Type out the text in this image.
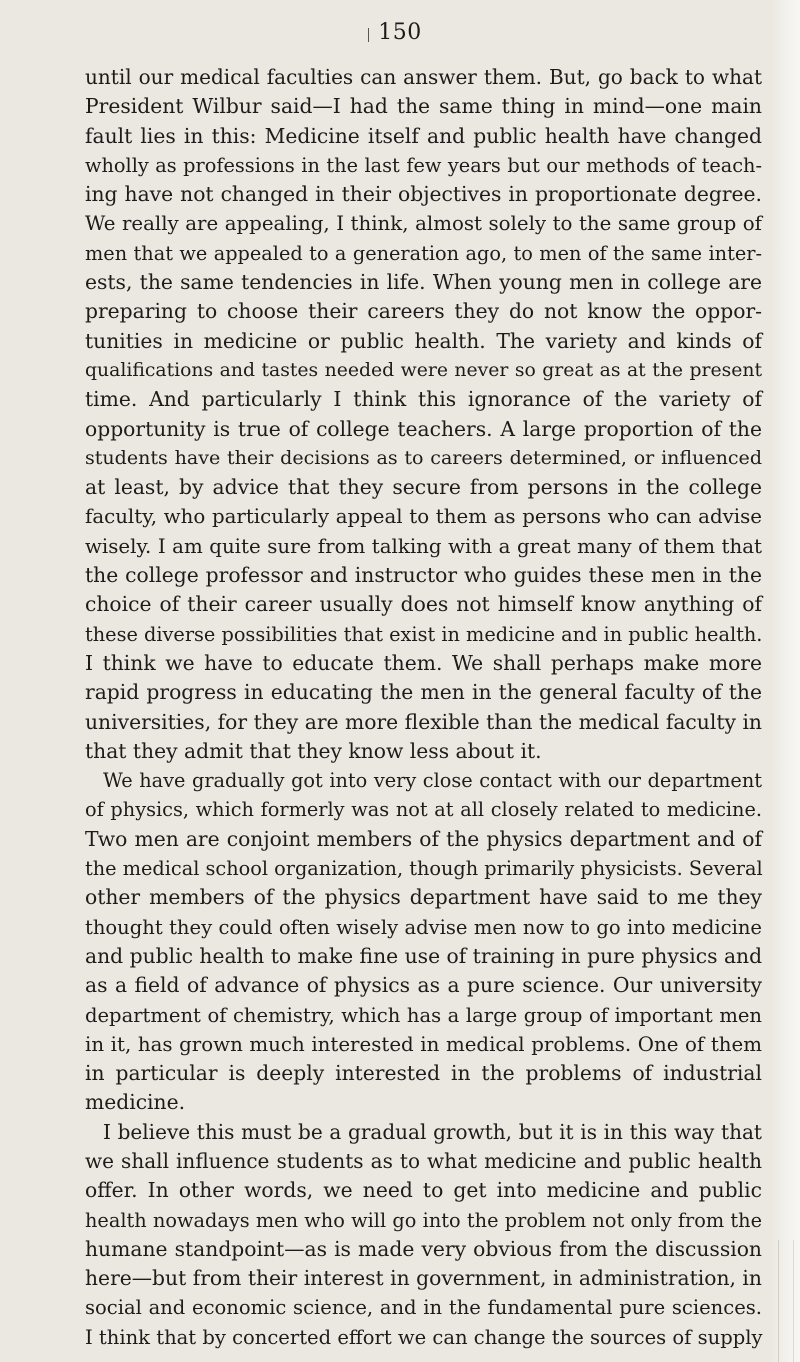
150
until our medical faculties can answer them. But, go back to what
President Wilbur said—I had the same thing in mind—one main
fault lies in this: Medicine itself and public health have changed
wholly as professions in the last few years but our methods of teach-
ing have not changed in their objectives in proportionate degree.
We really are appealing, I think, almost solely to the same group of
men that we appealed to a generation ago, to men of the same inter-
ests, the same tendencies in life. When young men in college are
preparing to choose their careers they do not know the oppor-
tunities in medicine or public health. The variety and kinds of
qualifications and tastes needed were never so great as at the present
time. And particularly I think this ignorance of the variety of
opportunity is true of college teachers. A large proportion of the
students have their decisions as to careers determined, or influenced
at least, by advice that they secure from persons in the college
faculty, who particularly appeal to them as persons who can advise
wisely. I am quite sure from talking with a great many of them that
the college professor and instructor who guides these men in the
choice of their career usually does not himself know anything of
these diverse possibilities that exist in medicine and in public health.
I think we have to educate them. We shall perhaps make more
rapid progress in educating the men in the general faculty of the
universities, for they are more flexible than the medical faculty in
that they admit that they know less about it.
We have gradually got into very close contact with our department
of physics, which formerly was not at all closely related to medicine.
Two men are conjoint members of the physics department and of
the medical school organization, though primarily physicists. Several
other members of the physics department have said to me they
thought they could often wisely advise men now to go into medicine
and public health to make fine use of training in pure physics and
as a field of advance of physics as a pure science. Our university
department of chemistry, which has a large group of important men
in it, has grown much interested in medical problems. One of them
in particular is deeply interested in the problems of industrial
medicine.
I believe this must be a gradual growth, but it is in this way that
we shall influence students as to what medicine and public health
offer. In other words, we need to get into medicine and public
health nowadays men who will go into the problem not only from the
humane standpoint—as is made very obvious from the discussion
here—but from their interest in government, in administration, in
social and economic science, and in the fundamental pure sciences.
I think that by concerted effort we can change the sources of supply
